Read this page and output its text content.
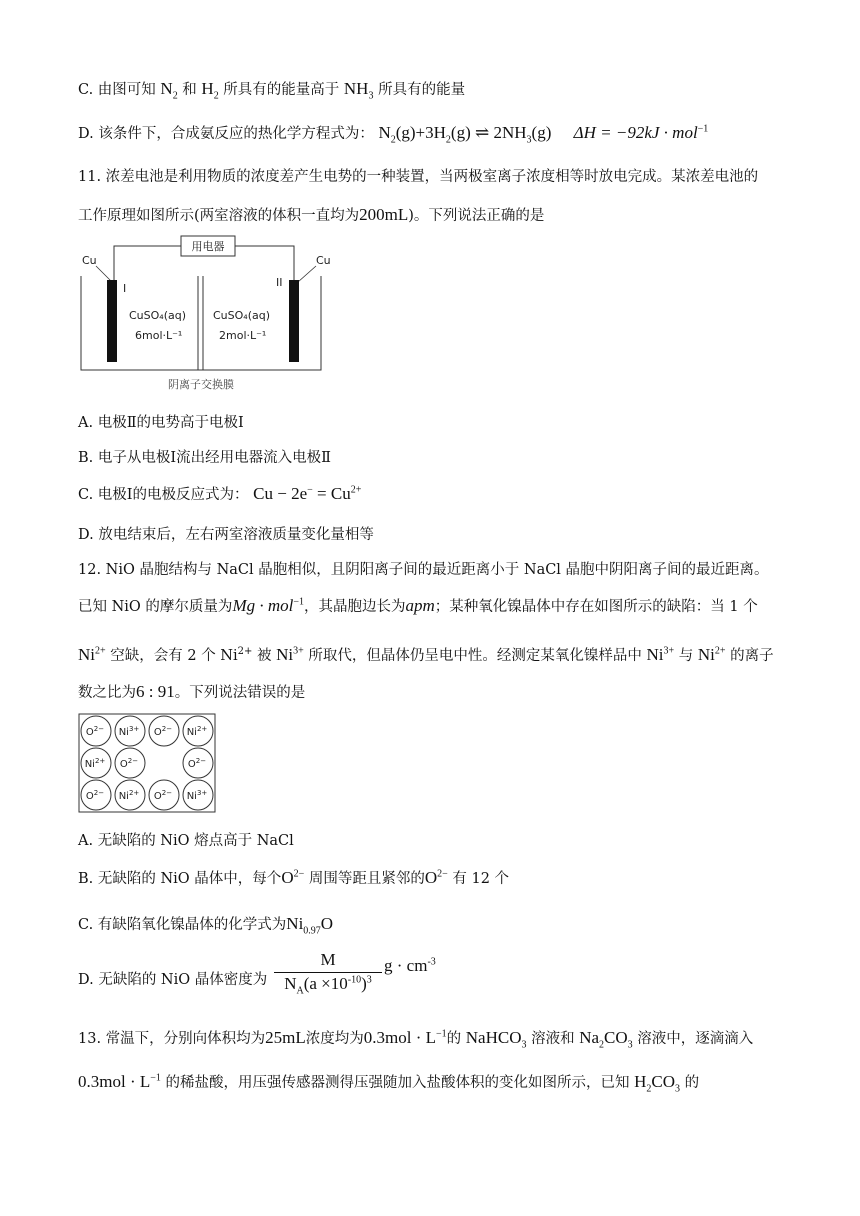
C. 由图可知 $N_2$ 和 $H_2$ 所具有的能量高于 $NH_3$ 所具有的能量
D. 该条件下，合成氨反应的热化学方程式为： $N_2(g)+3H_2(g)$ ⇌ $2NH_3(g) \Delta H = -92kJ \cdot mol^{-1}$
11. 浓差电池是利用物质的浓度差产生电势的一种装置，当两极室离子浓度相等时放电完成。某浓差电池的
工作原理如图所示(两室溶液的体积一直均为200mL)。下列说法正确的是
用电器
Cu	Cu
I	II
CuSO₄(aq)
6mol·L⁻¹
CuSO₄(aq)
2mol·L⁻¹
阴离子交换膜
A. 电极Ⅱ的电势高于电极Ⅰ
B. 电子从电极Ⅰ流出经用电器流入电极Ⅱ
C. 电极Ⅰ的电极反应式为： $Cu - 2e^- = Cu^{2+}$
D. 放电结束后，左右两室溶液质量变化量相等
12. NiO 晶胞结构与 NaCl 晶胞相似，且阴阳离子间的最近距离小于 NaCl 晶胞中阴阳离子间的最近距离。
已知 NiO 的摩尔质量为Mg · mol$^{-1}$，其晶胞边长为apm；某种氧化镍晶体中存在如图所示的缺陷：当 1 个
$Ni^{2+}$ 空缺，会有 2 个 $Ni^{2+}$ 被 $Ni^{3+}$ 所取代，但晶体仍呈电中性。经测定某氧化镍样品中 $Ni^{3+}$ 与 $Ni^{2+}$ 的离子
数之比为6 : 91。下列说法错误的是
$O^{2-}$ $Ni^{3+}$ $O^{2-}$ $Ni^{2+}$
$Ni^{2+}$ $O^{2-}$	$O^{2-}$
$O^{2-}$ $Ni^{2+}$ $O^{2-}$ $Ni^{3+}$
A. 无缺陷的 NiO 熔点高于 NaCl
B. 无缺陷的 NiO 晶体中，每个$O^{2-}$ 周围等距且紧邻的$O^{2-}$ 有 12 个
C. 有缺陷氧化镍晶体的化学式为$Ni_{0.97}O$
D. 无缺陷的 NiO 晶体密度为
M
$N_A(a \times 10^{-10})^3$
$g \cdot cm^{-3}$
13. 常温下，分别向体积均为25mL浓度均为$0.3mol \cdot L^{-1}$的 NaHCO$_3$ 溶液和 $Na_2CO_3$ 溶液中，逐滴滴入
$0.3mol \cdot L^{-1}$ 的稀盐酸，用压强传感器测得压强随加入盐酸体积的变化如图所示，已知 $H_2CO_3$ 的
